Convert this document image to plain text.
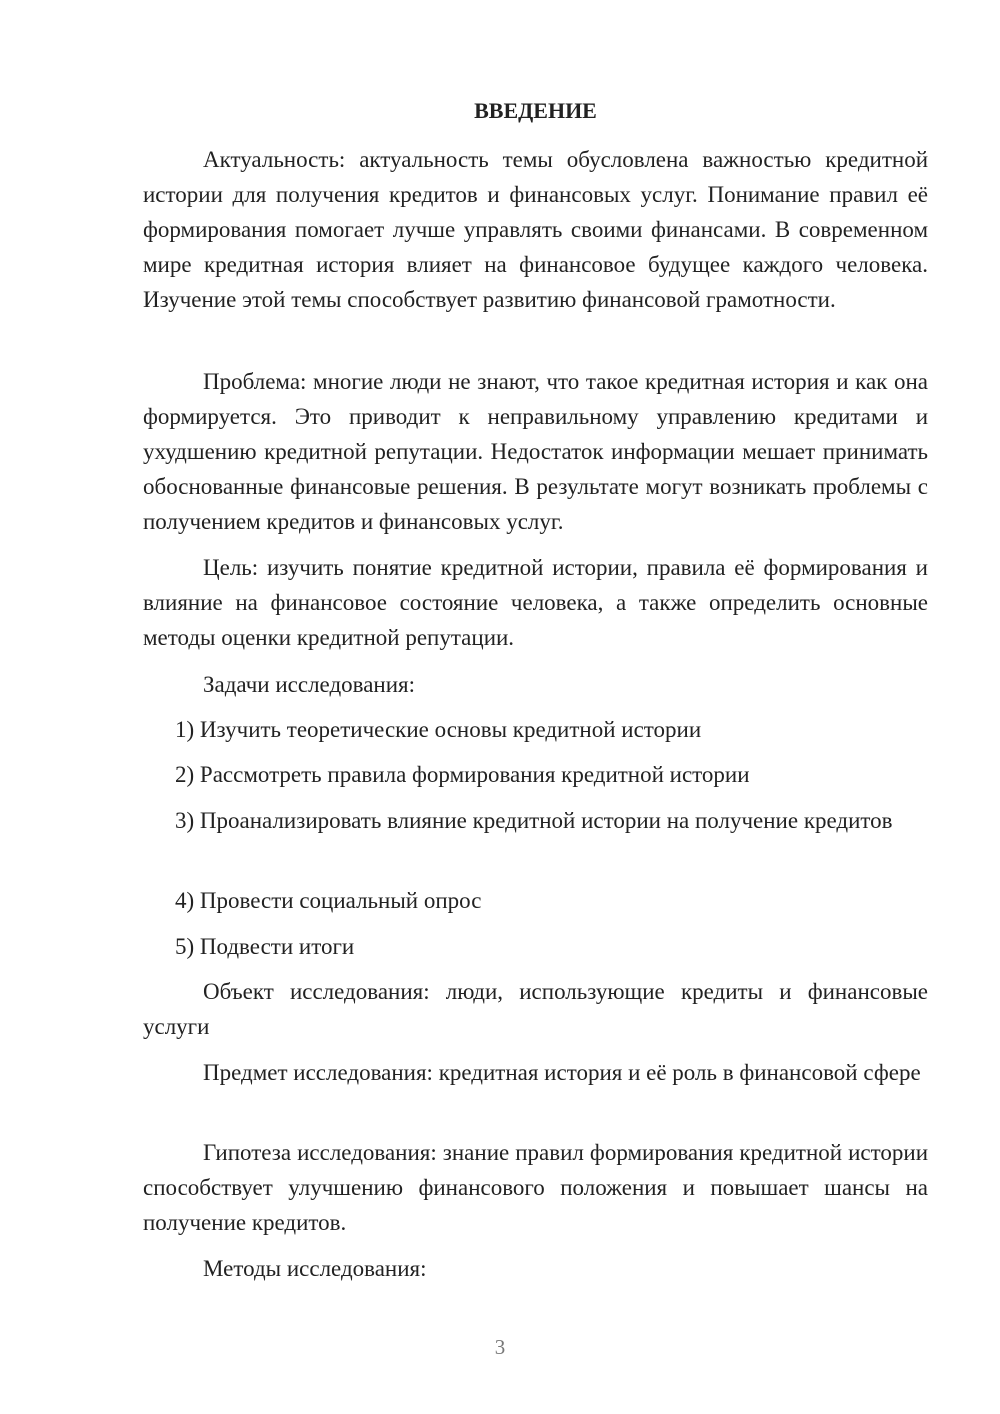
ВВЕДЕНИЕ

Актуальность: актуальность темы обусловлена важностью кредитной истории для получения кредитов и финансовых услуг. Понимание правил её формирования помогает лучше управлять своими финансами. В современном мире кредитная история влияет на финансовое будущее каждого человека. Изучение этой темы способствует развитию финансовой грамотности.

Проблема: многие люди не знают, что такое кредитная история и как она формируется. Это приводит к неправильному управлению кредитами и ухудшению кредитной репутации. Недостаток информации мешает принимать обоснованные финансовые решения. В результате могут возникать проблемы с получением кредитов и финансовых услуг.

Цель: изучить понятие кредитной истории, правила её формирования и влияние на финансовое состояние человека, а также определить основные методы оценки кредитной репутации.

Задачи исследования:

1) Изучить теоретические основы кредитной истории

2) Рассмотреть правила формирования кредитной истории

3) Проанализировать влияние кредитной истории на получение кредитов

4) Провести социальный опрос

5) Подвести итоги

Объект исследования: люди, использующие кредиты и финансовые услуги

Предмет исследования: кредитная история и её роль в финансовой сфере

Гипотеза исследования: знание правил формирования кредитной истории способствует улучшению финансового положения и повышает шансы на получение кредитов.

Методы исследования:

3
